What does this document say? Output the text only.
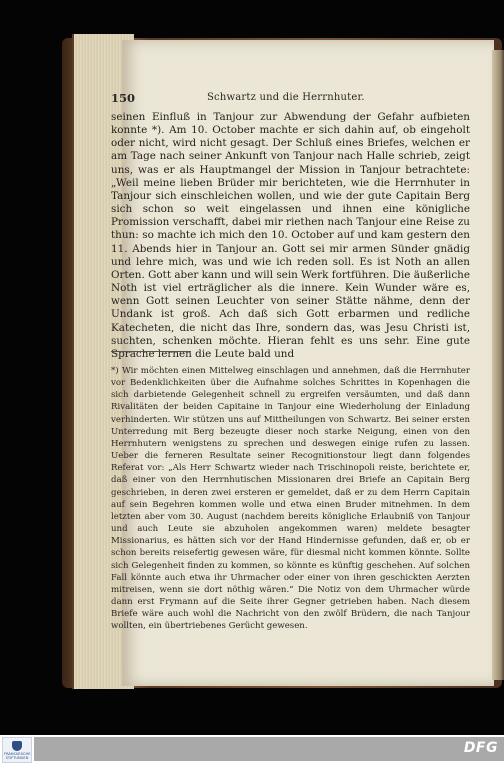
150	Schwartz und die Herrnhuter.

seinen Einfluß in Tanjour zur Abwendung der Gefahr aufbieten konnte *). Am 10. October machte er sich dahin auf, ob eingeholt oder nicht, wird nicht gesagt. Der Schluß eines Briefes, welchen er am Tage nach seiner Ankunft von Tanjour nach Halle schrieb, zeigt uns, was er als Hauptmangel der Mission in Tanjour betrachtete: „Weil meine lieben Brüder mir berichteten, wie die Herrnhuter in Tanjour sich einschleichen wollen, und wie der gute Capitain Berg sich schon so weit eingelassen und ihnen eine königliche Promission verschafft, dabei mir riethen nach Tanjour eine Reise zu thun: so machte ich mich den 10. October auf und kam gestern den 11. Abends hier in Tanjour an. Gott sei mir armen Sünder gnädig und lehre mich, was und wie ich reden soll. Es ist Noth an allen Orten. Gott aber kann und will sein Werk fortführen. Die äußerliche Noth ist viel erträglicher als die innere. Kein Wunder wäre es, wenn Gott seinen Leuchter von seiner Stätte nähme, denn der Undank ist groß. Ach daß sich Gott erbarmen und redliche Katecheten, die nicht das Ihre, sondern das, was Jesu Christi ist, suchten, schenken möchte. Hieran fehlt es uns sehr. Eine gute Sprache lernen die Leute bald und

*) Wir möchten einen Mittelweg einschlagen und annehmen, daß die Herrnhuter vor Bedenklichkeiten über die Aufnahme solches Schrittes in Kopenhagen die sich darbietende Gelegenheit schnell zu ergreifen versäumten, und daß dann Rivalitäten der beiden Capitaine in Tanjour eine Wiederholung der Einladung verhinderten. Wir stützen uns auf Mittheilungen von Schwartz. Bei seiner ersten Unterredung mit Berg bezeugte dieser noch starke Neigung, einen von den Herrnhutern wenigstens zu sprechen und deswegen einige rufen zu lassen. Ueber die ferneren Resultate seiner Recognitionstour liegt dann folgendes Referat vor: „Als Herr Schwartz wieder nach Trischinopoli reiste, berichtete er, daß einer von den Herrnhutischen Missionaren drei Briefe an Capitain Berg geschrieben, in deren zwei ersteren er gemeldet, daß er zu dem Herrn Capitain auf sein Begehren kommen wolle und etwa einen Bruder mitnehmen. In dem letzten aber vom 30. August (nachdem bereits königliche Erlaubniß von Tanjour und auch Leute sie abzuholen angekommen waren) meldete besagter Missionarius, es hätten sich vor der Hand Hindernisse gefunden, daß er, ob er schon bereits reisefertig gewesen wäre, für diesmal nicht kommen könnte. Sollte sich Gelegenheit finden zu kommen, so könnte es künftig geschehen. Auf solchen Fall könnte auch etwa ihr Uhrmacher oder einer von ihren geschickten Aerzten mitreisen, wenn sie dort nöthig wären.“ Die Notiz von dem Uhrmacher würde dann erst Frymann auf die Seite ihrer Gegner getrieben haben. Nach diesem Briefe wäre auch wohl die Nachricht von den zwölf Brüdern, die nach Tanjour wollten, ein übertriebenes Gerücht gewesen.

FRANCKESCHE STIFTUNGEN
DFG
